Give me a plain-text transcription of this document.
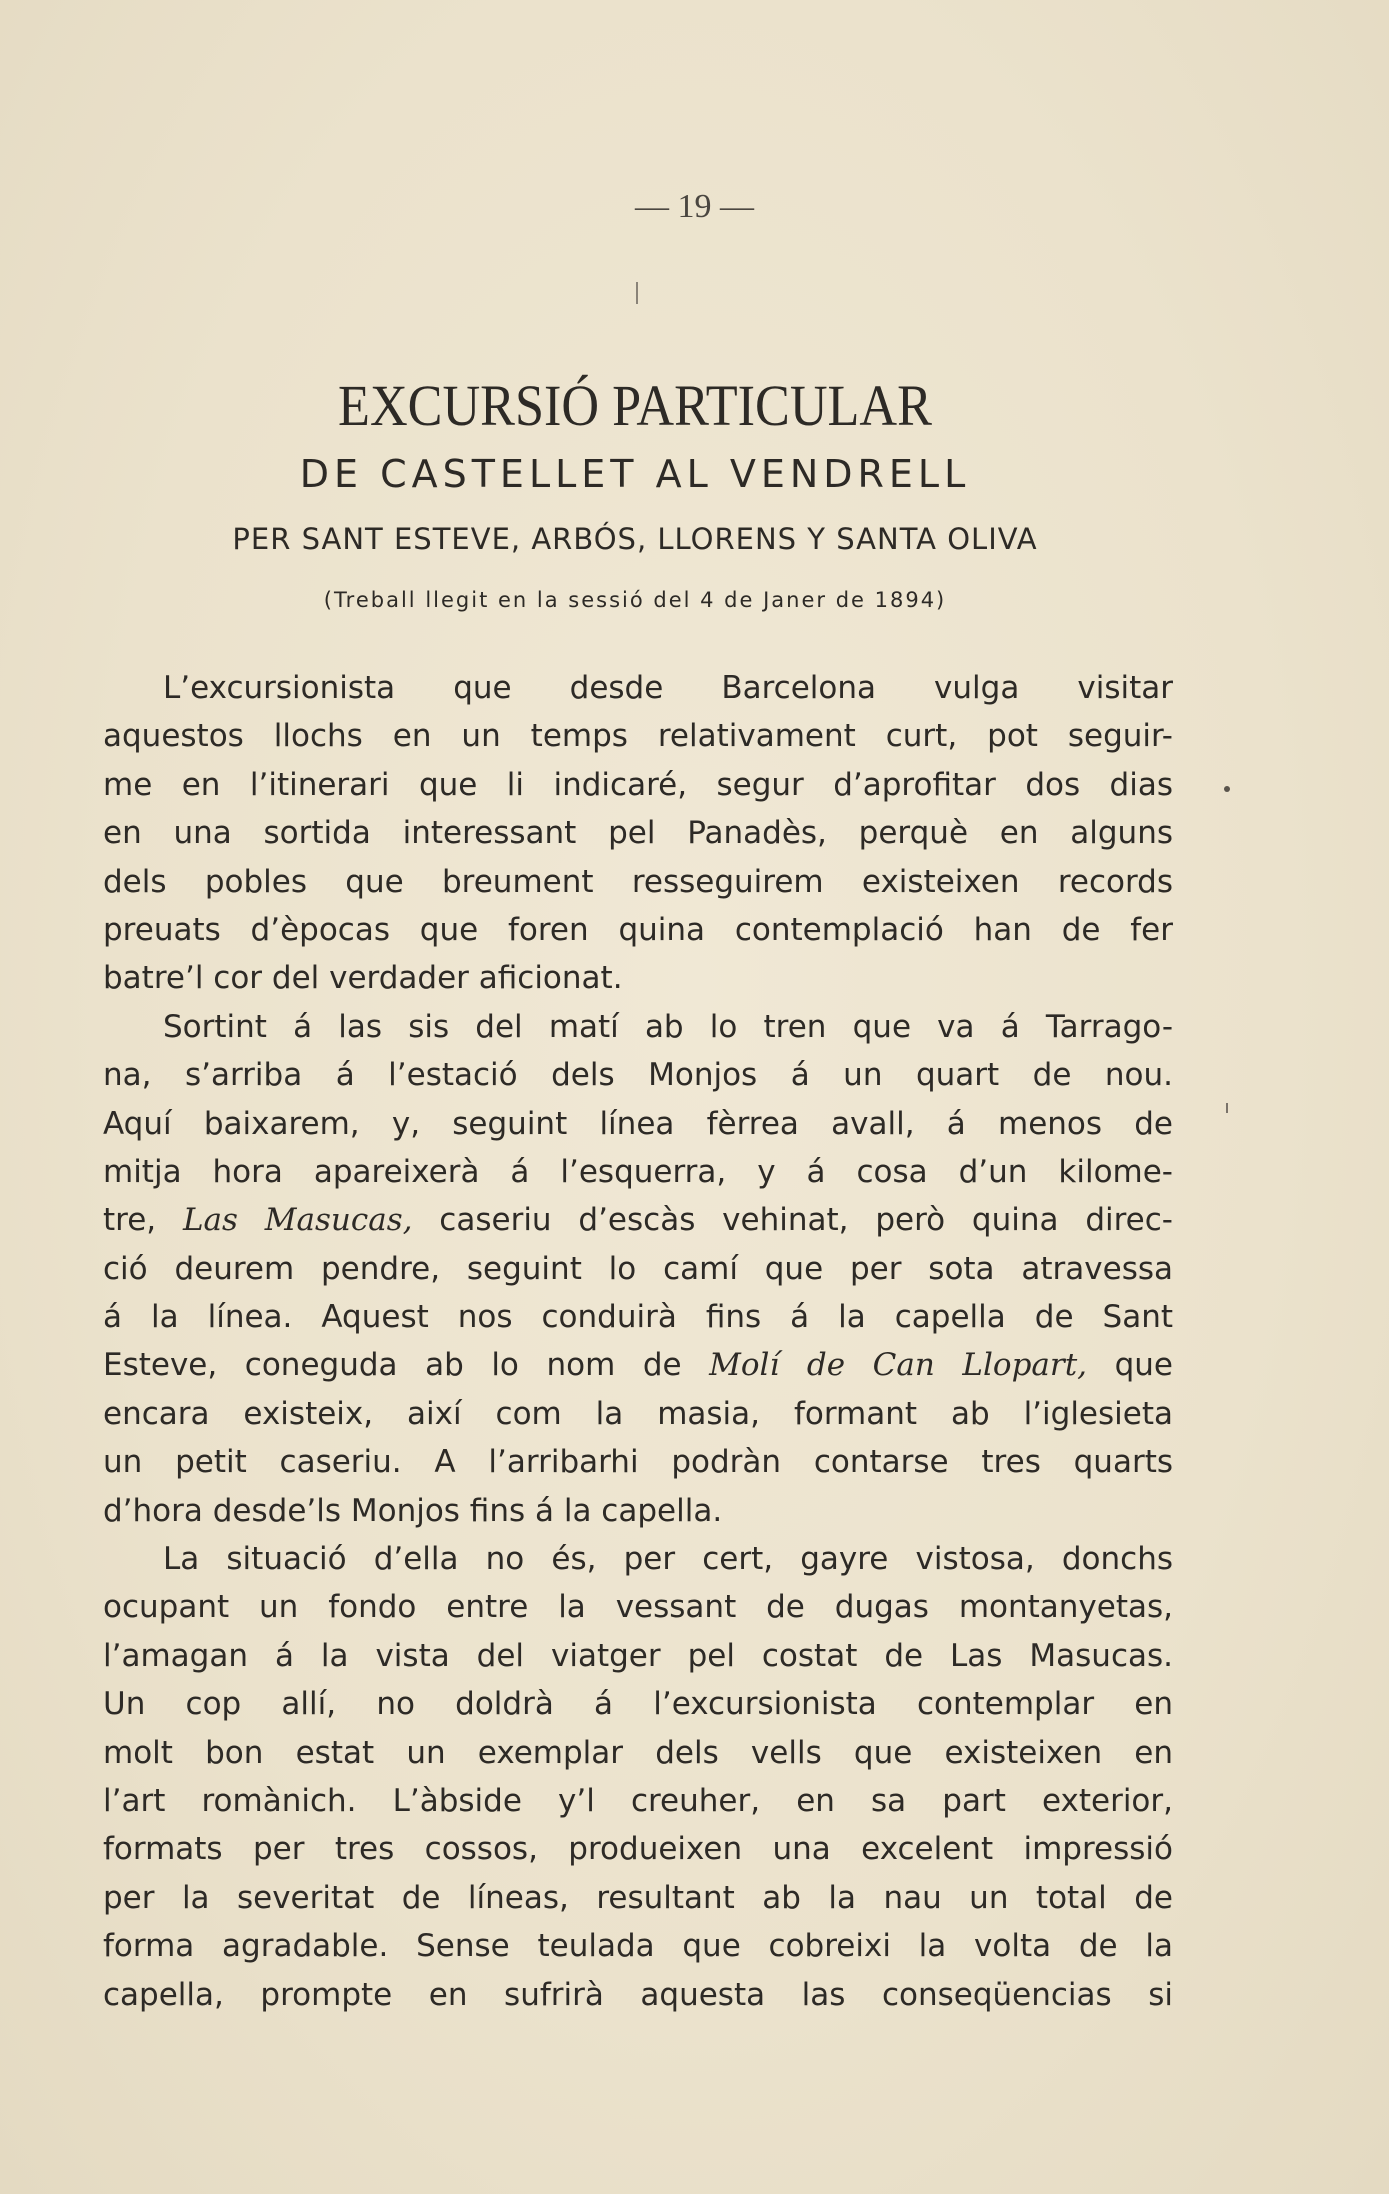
— 19 —
EXCURSIÓ PARTICULAR
DE CASTELLET AL VENDRELL
PER SANT ESTEVE, ARBÓS, LLORENS Y SANTA OLIVA
(Treball llegit en la sessió del 4 de Janer de 1894)
L’excursionista que desde Barcelona vulga visitar
aquestos llochs en un temps relativament curt, pot seguir-
me en l’itinerari que li indicaré, segur d’aprofitar dos dias
en una sortida interessant pel Panadès, perquè en alguns
dels pobles que breument resseguirem existeixen records
preuats d’èpocas que foren quina contemplació han de fer
batre’l cor del verdader aficionat.
Sortint á las sis del matí ab lo tren que va á Tarrago-
na, s’arriba á l’estació dels Monjos á un quart de nou.
Aquí baixarem, y, seguint línea fèrrea avall, á menos de
mitja hora apareixerà á l’esquerra, y á cosa d’un kilome-
tre, Las Masucas, caseriu d’escàs vehinat, però quina direc-
ció deurem pendre, seguint lo camí que per sota atravessa
á la línea. Aquest nos conduirà fins á la capella de Sant
Esteve, coneguda ab lo nom de Molí de Can Llopart, que
encara existeix, així com la masia, formant ab l’iglesieta
un petit caseriu. A l’arribarhi podràn contarse tres quarts
d’hora desde’ls Monjos fins á la capella.
La situació d’ella no és, per cert, gayre vistosa, donchs
ocupant un fondo entre la vessant de dugas montanyetas,
l’amagan á la vista del viatger pel costat de Las Masucas.
Un cop allí, no doldrà á l’excursionista contemplar en
molt bon estat un exemplar dels vells que existeixen en
l’art romànich. L’àbside y’l creuher, en sa part exterior,
formats per tres cossos, produeixen una excelent impressió
per la severitat de líneas, resultant ab la nau un total de
forma agradable. Sense teulada que cobreixi la volta de la
capella, prompte en sufrirà aquesta las conseqüencias si
